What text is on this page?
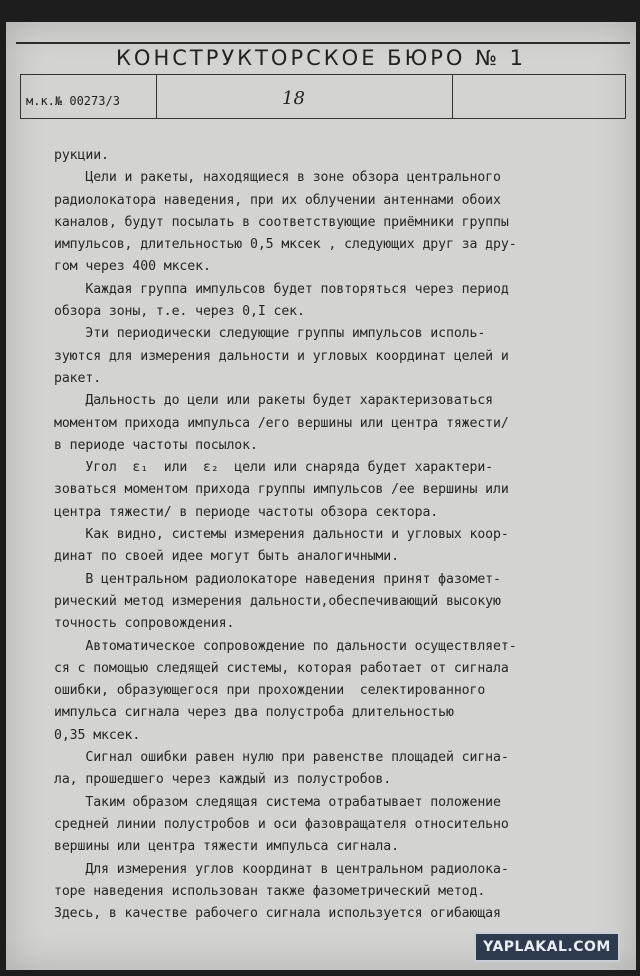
КОНСТРУКТОРСКОЕ БЮРО № 1
м.к.№ 00273/3	18
рукции.
Цели и ракеты, находящиеся в зоне обзора центрального
радиолокатора наведения, при их облучении антеннами обоих
каналов, будут посылать в соответствующие приёмники группы
импульсов, длительностью 0,5 мксек , следующих друг за дру-
гом через 400 мксек.
Каждая группа импульсов будет повторяться через период
обзора зоны, т.е. через 0,I сек.
Эти периодически следующие группы импульсов исполь-
зуются для измерения дальности и угловых координат целей и
ракет.
Дальность до цели или ракеты будет характеризоваться
моментом прихода импульса /его вершины или центра тяжести/
в периоде частоты посылок.
Угол  ε₁  или  ε₂  цели или снаряда будет характери-
зоваться моментом прихода группы импульсов /ее вершины или
центра тяжести/ в периоде частоты обзора сектора.
Как видно, системы измерения дальности и угловых коор-
динат по своей идее могут быть аналогичными.
В центральном радиолокаторе наведения принят фазомет-
рический метод измерения дальности,обеспечивающий высокую
точность сопровождения.
Автоматическое сопровождение по дальности осуществляет-
ся с помощью следящей системы, которая работает от сигнала
ошибки, образующегося при прохождении  селектированного
импульса сигнала через два полустроба длительностью
0,35 мксек.
Сигнал ошибки равен нулю при равенстве площадей сигна-
ла, прошедшего через каждый из полустробов.
Таким образом следящая система отрабатывает положение
средней линии полустробов и оси фазовращателя относительно
вершины или центра тяжести импульса сигнала.
Для измерения углов координат в центральном радиолока-
торе наведения использован также фазометрический метод.
Здесь, в качестве рабочего сигнала используется огибающая
YAPLAKAL.COM
